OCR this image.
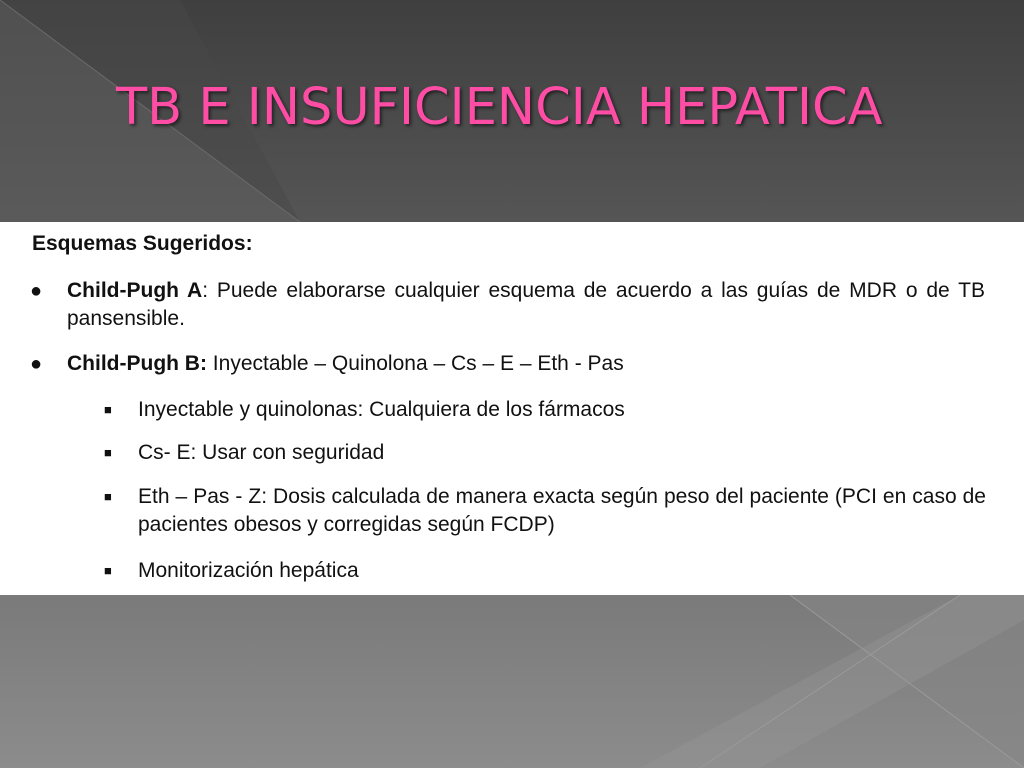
TB E INSUFICIENCIA HEPATICA

Esquemas Sugeridos:

● Child-Pugh A: Puede elaborarse cualquier esquema de acuerdo a las guías de MDR o de TB pansensible.
● Child-Pugh B: Inyectable – Quinolona – Cs – E – Eth - Pas
■ Inyectable y quinolonas: Cualquiera de los fármacos
■ Cs- E: Usar con seguridad
■ Eth – Pas - Z: Dosis calculada de manera exacta según peso del paciente (PCI en caso de pacientes obesos y corregidas según FCDP)
■ Monitorización hepática
